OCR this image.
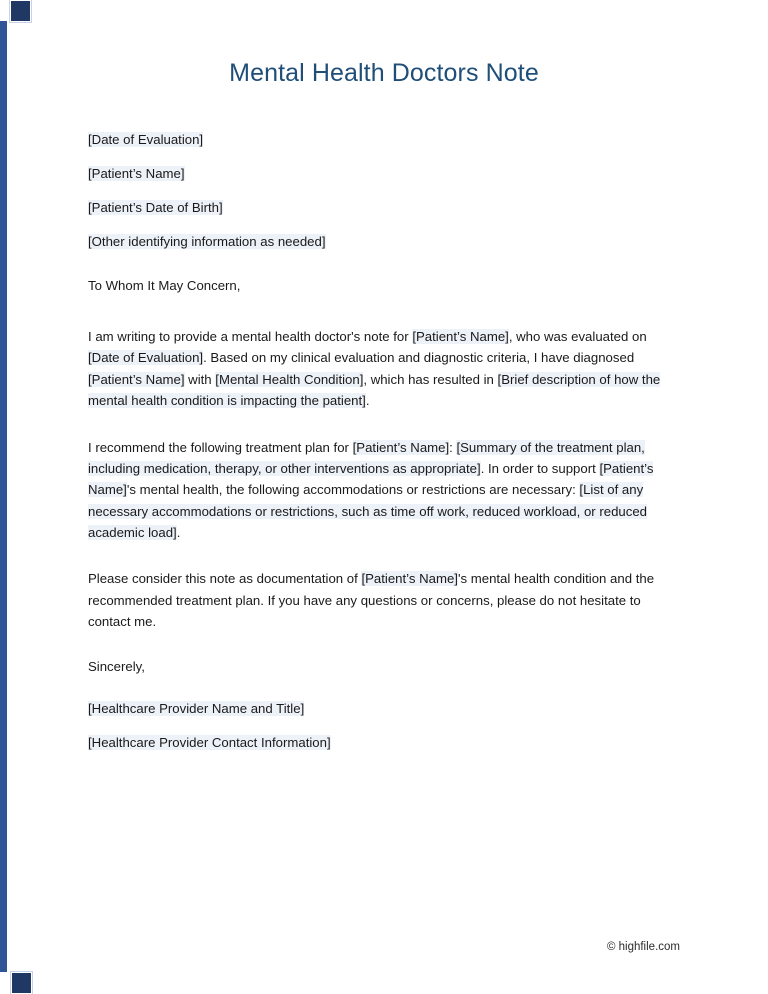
Mental Health Doctors Note
[Date of Evaluation]
[Patient’s Name]
[Patient’s Date of Birth]
[Other identifying information as needed]
To Whom It May Concern,

I am writing to provide a mental health doctor's note for [Patient’s Name], who was evaluated on [Date of Evaluation]. Based on my clinical evaluation and diagnostic criteria, I have diagnosed [Patient’s Name] with [Mental Health Condition], which has resulted in [Brief description of how the mental health condition is impacting the patient].

I recommend the following treatment plan for [Patient’s Name]: [Summary of the treatment plan, including medication, therapy, or other interventions as appropriate]. In order to support [Patient’s Name]'s mental health, the following accommodations or restrictions are necessary: [List of any necessary accommodations or restrictions, such as time off work, reduced workload, or reduced academic load].

Please consider this note as documentation of [Patient’s Name]'s mental health condition and the recommended treatment plan. If you have any questions or concerns, please do not hesitate to contact me.

Sincerely,
[Healthcare Provider Name and Title]
[Healthcare Provider Contact Information]
© highfile.com
